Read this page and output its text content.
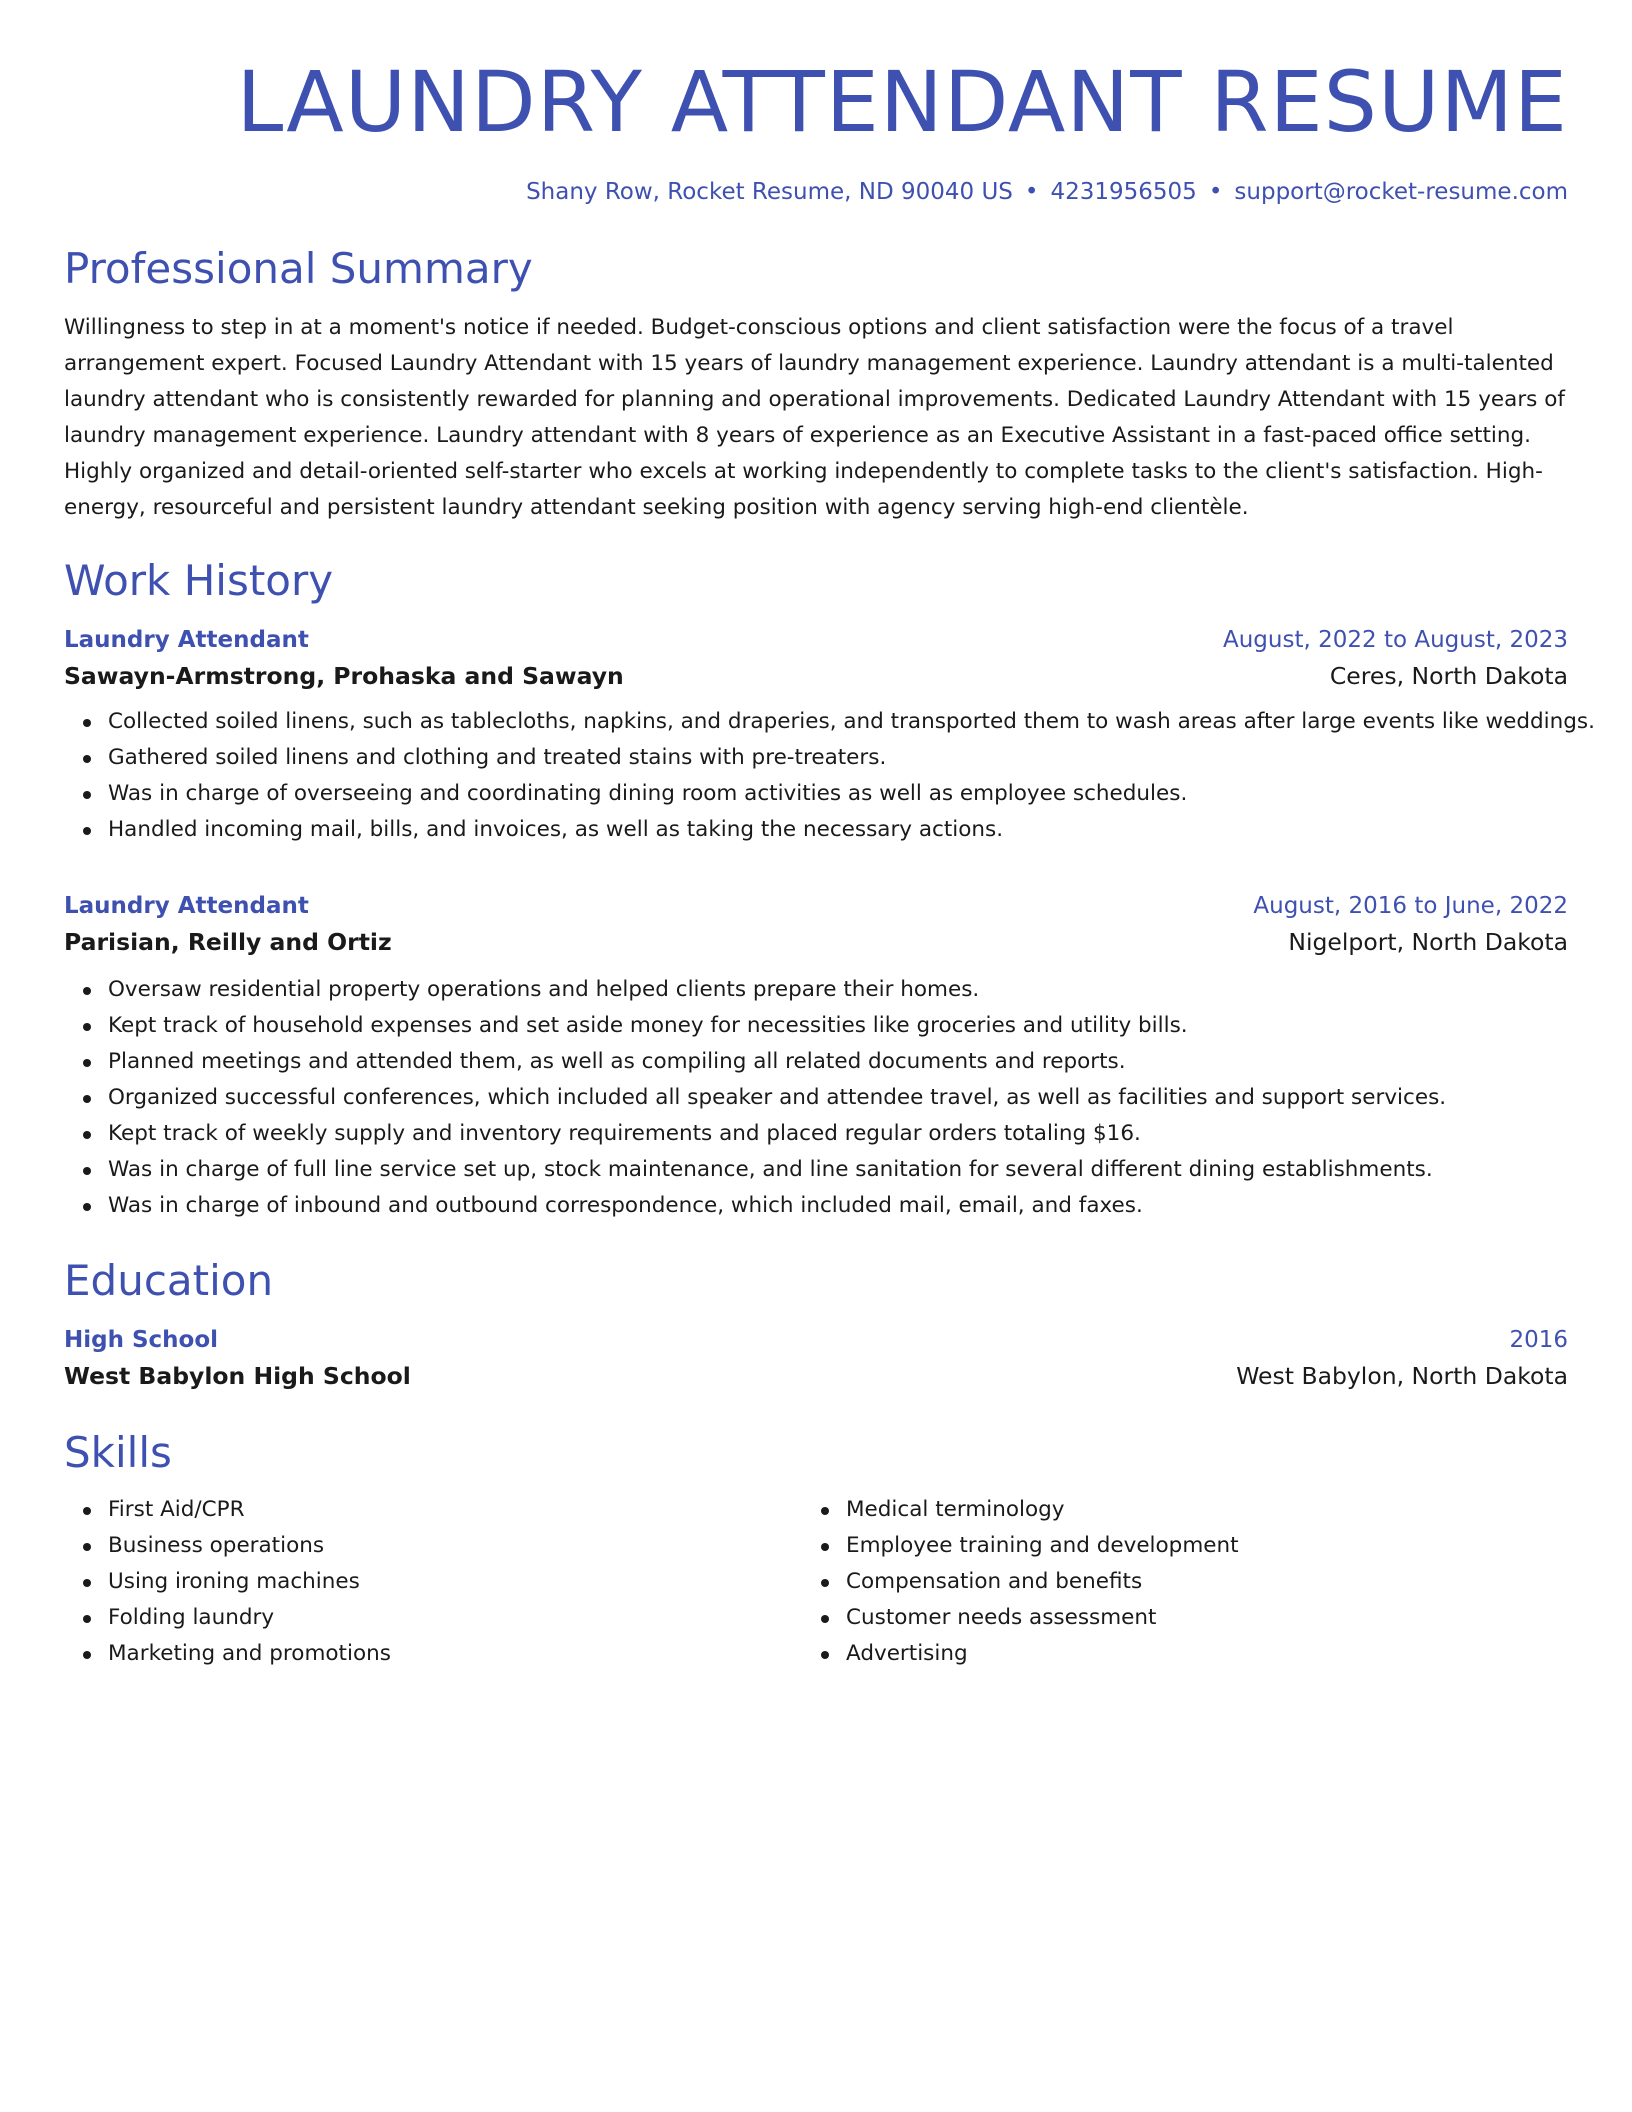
LAUNDRY ATTENDANT RESUME
Shany Row, Rocket Resume, ND 90040 US • 4231956505 • support@rocket-resume.com
Professional Summary
Willingness to step in at a moment's notice if needed. Budget-conscious options and client satisfaction were the focus of a travel arrangement expert. Focused Laundry Attendant with 15 years of laundry management experience. Laundry attendant is a multi-talented laundry attendant who is consistently rewarded for planning and operational improvements. Dedicated Laundry Attendant with 15 years of laundry management experience. Laundry attendant with 8 years of experience as an Executive Assistant in a fast-paced office setting. Highly organized and detail-oriented self-starter who excels at working independently to complete tasks to the client's satisfaction. High-energy, resourceful and persistent laundry attendant seeking position with agency serving high-end clientèle.
Work History
Laundry Attendant	August, 2022 to August, 2023
Sawayn-Armstrong, Prohaska and Sawayn	Ceres, North Dakota
Collected soiled linens, such as tablecloths, napkins, and draperies, and transported them to wash areas after large events like weddings.
Gathered soiled linens and clothing and treated stains with pre-treaters.
Was in charge of overseeing and coordinating dining room activities as well as employee schedules.
Handled incoming mail, bills, and invoices, as well as taking the necessary actions.
Laundry Attendant	August, 2016 to June, 2022
Parisian, Reilly and Ortiz	Nigelport, North Dakota
Oversaw residential property operations and helped clients prepare their homes.
Kept track of household expenses and set aside money for necessities like groceries and utility bills.
Planned meetings and attended them, as well as compiling all related documents and reports.
Organized successful conferences, which included all speaker and attendee travel, as well as facilities and support services.
Kept track of weekly supply and inventory requirements and placed regular orders totaling $16.
Was in charge of full line service set up, stock maintenance, and line sanitation for several different dining establishments.
Was in charge of inbound and outbound correspondence, which included mail, email, and faxes.
Education
High School	2016
West Babylon High School	West Babylon, North Dakota
Skills
First Aid/CPR
Business operations
Using ironing machines
Folding laundry
Marketing and promotions
Medical terminology
Employee training and development
Compensation and benefits
Customer needs assessment
Advertising
